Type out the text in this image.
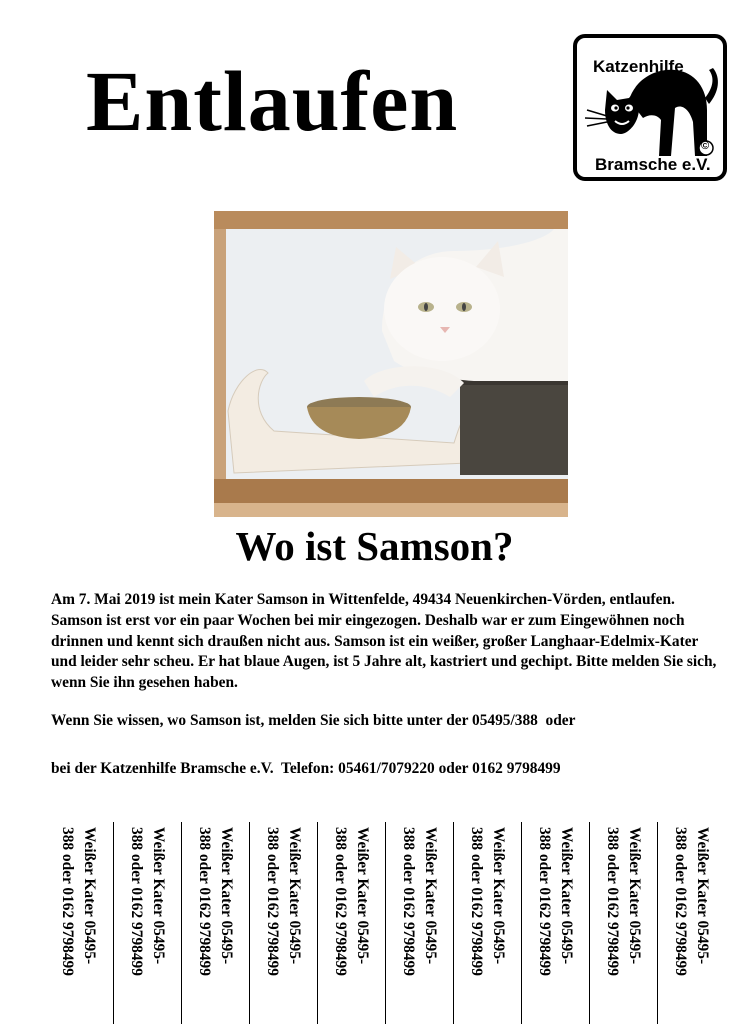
Entlaufen	Katzenhilfe
Bramsche e.V.
©
Wo ist Samson?

Am 7. Mai 2019 ist mein Kater Samson in Wittenfelde, 49434 Neuenkirchen-Vörden, entlaufen. Samson ist erst vor ein paar Wochen bei mir eingezogen. Deshalb war er zum Eingewöhnen noch drinnen und kennt sich draußen nicht aus. Samson ist ein weißer, großer Langhaar-Edelmix-Kater und leider sehr scheu. Er hat blaue Augen, ist 5 Jahre alt, kastriert und gechipt. Bitte melden Sie sich, wenn Sie ihn gesehen haben.

Wenn Sie wissen, wo Samson ist, melden Sie sich bitte unter der 05495/388  oder

bei der Katzenhilfe Bramsche e.V.  Telefon: 05461/7079220 oder 0162 9798499

Weißer Kater 05495-
388 oder 0162 9798499	Weißer Kater 05495-
388 oder 0162 9798499	Weißer Kater 05495-
388 oder 0162 9798499	Weißer Kater 05495-
388 oder 0162 9798499	Weißer Kater 05495-
388 oder 0162 9798499	Weißer Kater 05495-
388 oder 0162 9798499	Weißer Kater 05495-
388 oder 0162 9798499	Weißer Kater 05495-
388 oder 0162 9798499	Weißer Kater 05495-
388 oder 0162 9798499	Weißer Kater 05495-
388 oder 0162 9798499
